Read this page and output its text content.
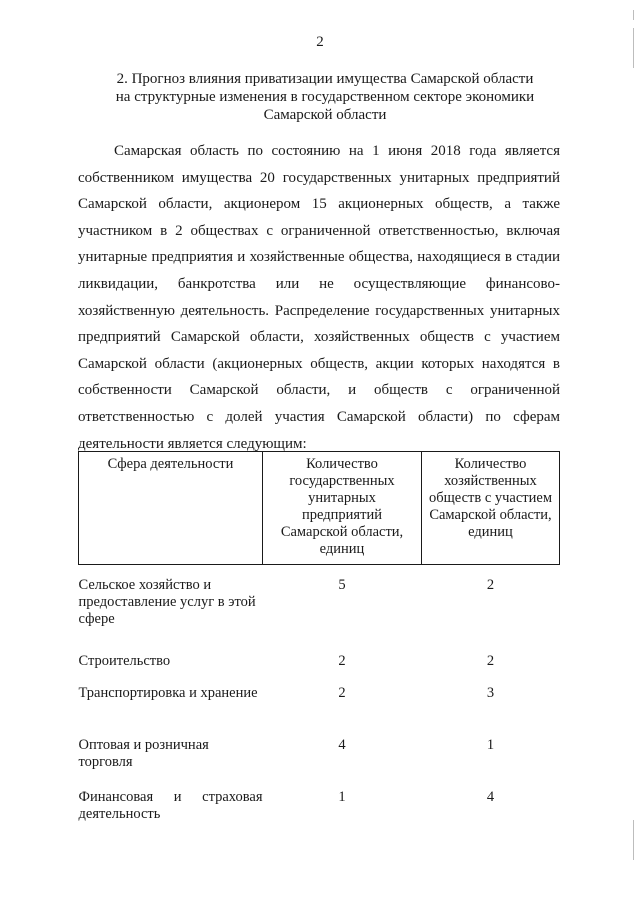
2
2. Прогноз влияния приватизации имущества Самарской области
на структурные изменения в государственном секторе экономики
Самарской области

Самарская область по состоянию на 1 июня 2018 года является собственником имущества 20 государственных унитарных предприятий Самарской области, акционером 15 акционерных обществ, а также участником в 2 обществах с ограниченной ответственностью, включая унитарные предприятия и хозяйственные общества, находящиеся в стадии ликвидации, банкротства или не осуществляющие финансово-хозяйственную деятельность. Распределение государственных унитарных предприятий Самарской области, хозяйственных обществ с участием Самарской области (акционерных обществ, акции которых находятся в собственности Самарской области, и обществ с ограниченной ответственностью с долей участия Самарской области) по сферам деятельности является следующим:

Сфера деятельности	Количество государственных унитарных предприятий Самарской области, единиц	Количество хозяйственных обществ с участием Самарской области, единиц
Сельское хозяйство и предоставление услуг в этой сфере	5	2
Строительство	2	2
Транспортировка и хранение	2	3
Оптовая и розничная торговля	4	1
Финансовая и страховая деятельность	1	4
